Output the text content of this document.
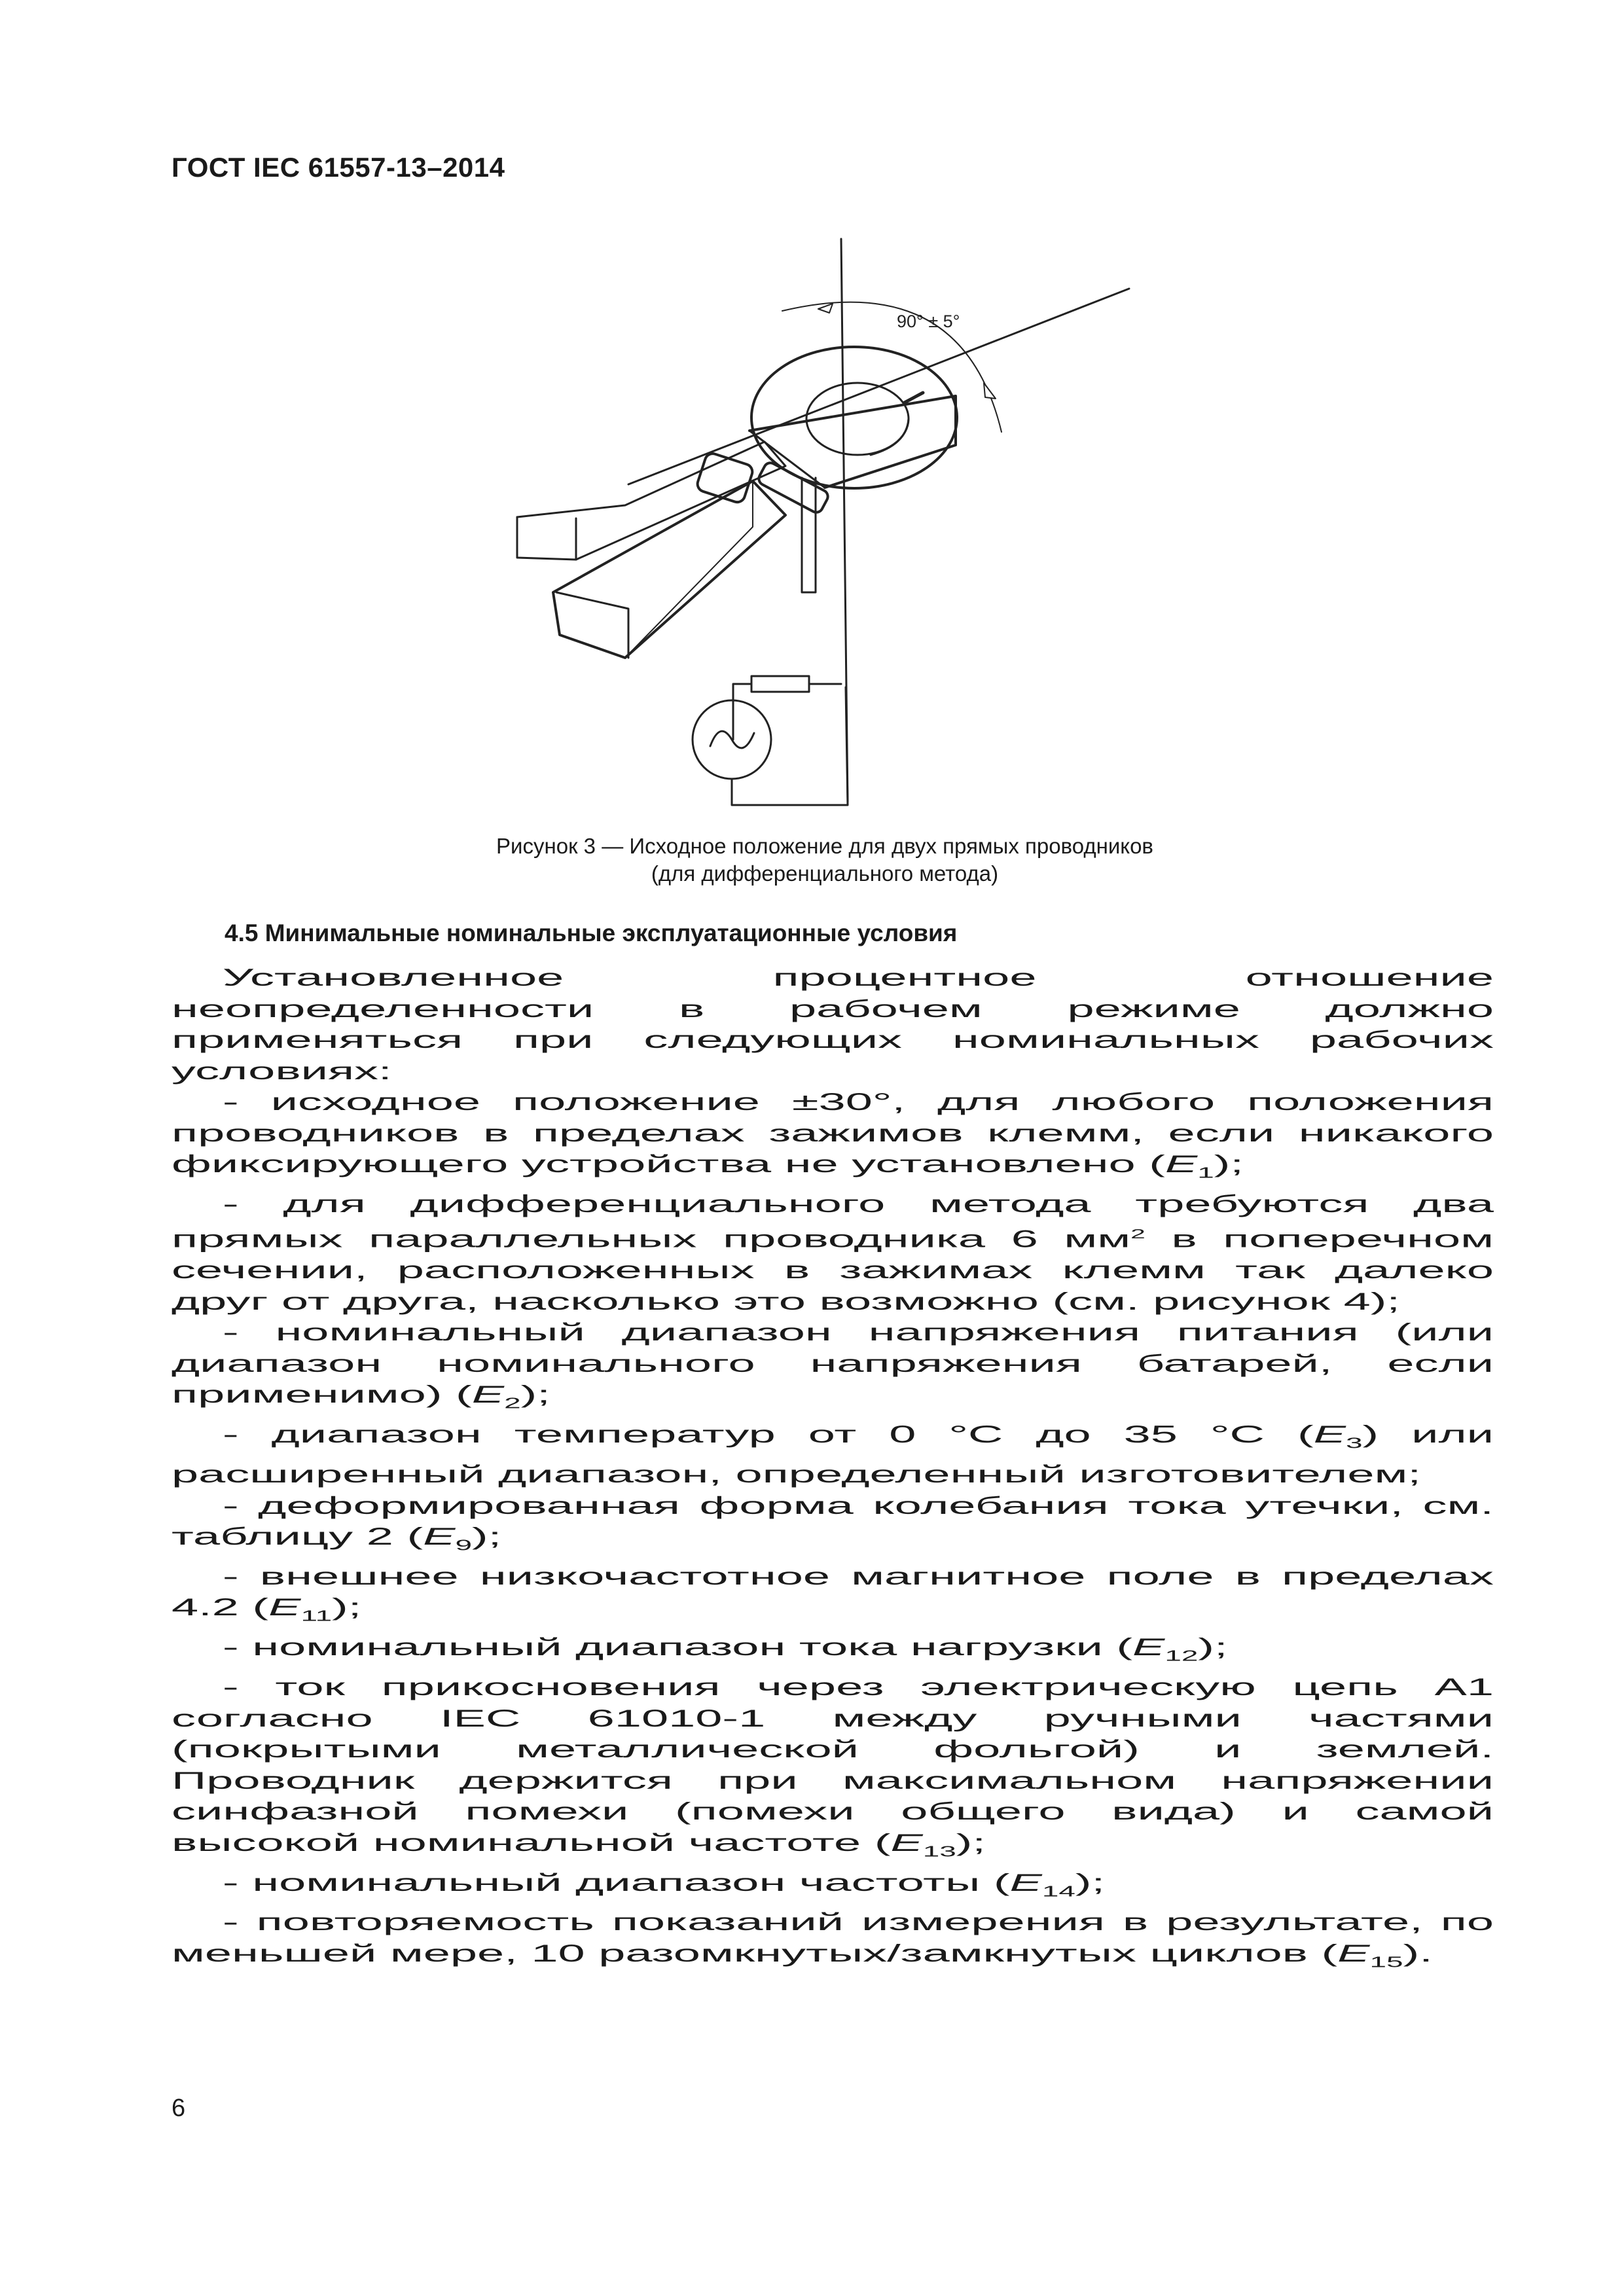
ГОСТ IEC 61557-13–2014
90° ± 5°
Рисунок 3 — Исходное положение для двух прямых проводников
(для дифференциального метода)
4.5 Минимальные номинальные эксплуатационные условия

Установленное процентное отношение неопределенности в рабочем режиме должно применяться при следующих номинальных рабочих условиях:

- исходное положение ±30°, для любого положения проводников в пределах зажимов клемм, если никакого фиксирующего устройства не установлено $(E_1)$;

- для дифференциального метода требуются два прямых параллельных проводника 6 $мм^2$ в поперечном сечении, расположенных в зажимах клемм так далеко друг от друга, насколько это возможно (см. рисунок 4);

- номинальный диапазон напряжения питания (или диапазон номинального напряжения батарей, если применимо) $(E_2)$;

- диапазон температур от 0 °C до 35 °C $(E_3)$ или расширенный диапазон, определенный изготовителем;

- деформированная форма колебания тока утечки, см. таблицу 2 $(E_9)$;

- внешнее низкочастотное магнитное поле в пределах 4.2 $(E_{11})$;

- номинальный диапазон тока нагрузки $(E_{12})$;

- ток прикосновения через электрическую цепь A1 согласно IEC 61010-1 между ручными частями (покрытыми металлической фольгой) и землей. Проводник держится при максимальном напряжении синфазной помехи (помехи общего вида) и самой высокой номинальной частоте $(E_{13})$;

- номинальный диапазон частоты $(E_{14})$;

- повторяемость показаний измерения в результате, по меньшей мере, 10 разомкнутых/замкнутых циклов $(E_{15})$.

6
